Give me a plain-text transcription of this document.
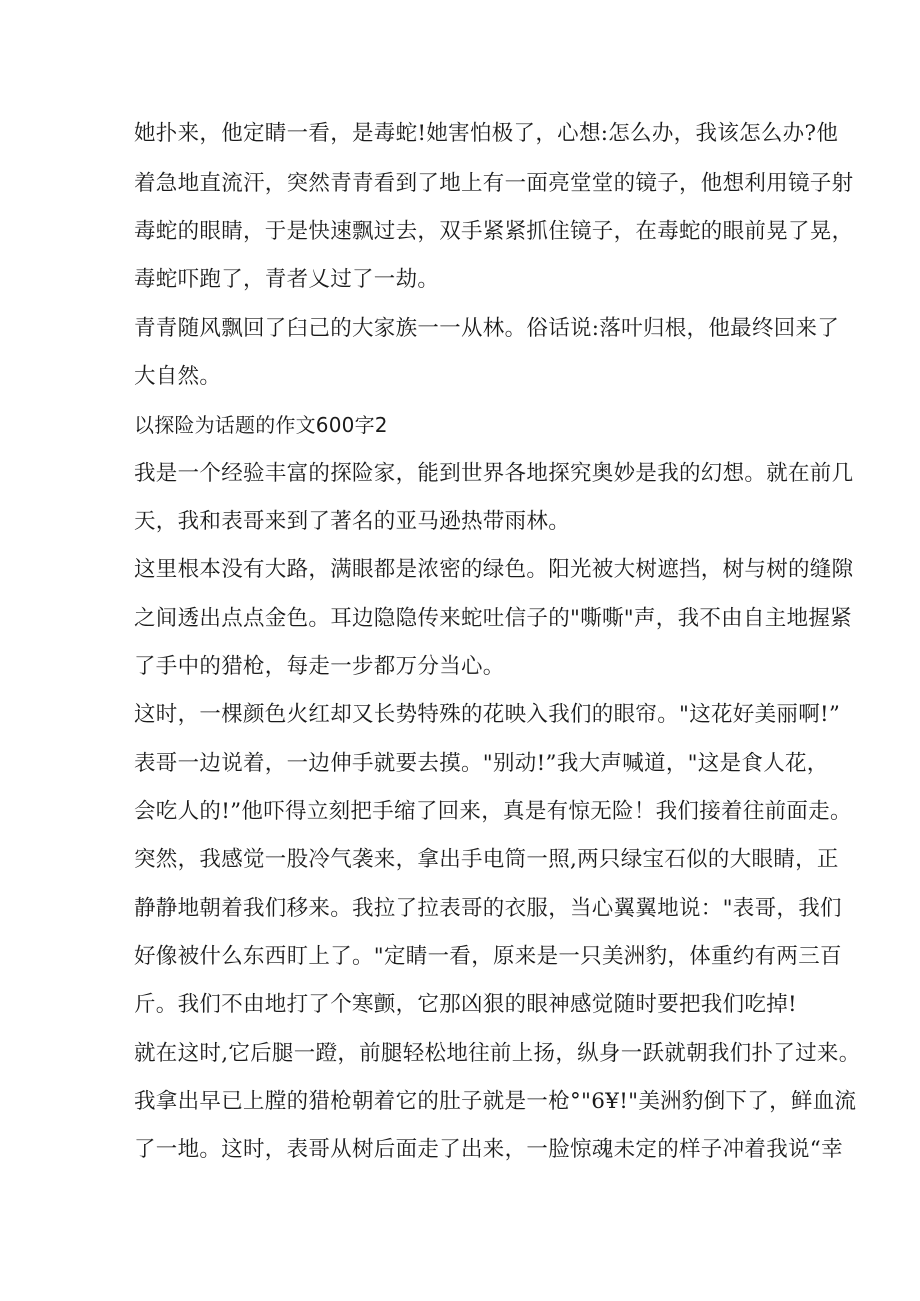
她扑来，他定睛一看，是毒蛇!她害怕极了，心想:怎么办，我该怎么办?他
着急地直流汗，突然青青看到了地上有一面亮堂堂的镜子，他想利用镜子射
毒蛇的眼睛，于是快速飘过去，双手紧紧抓住镜子，在毒蛇的眼前晃了晃，
毒蛇吓跑了，青者乂过了一劫。
青青随风飘回了臼己的大家族一一从林。俗话说:落叶归根，他最终回来了
大自然。
以探险为话题的作文600字2
我是一个经验丰富的探险家，能到世界各地探究奥妙是我的幻想。就在前几
天，我和表哥来到了著名的亚马逊热带雨林。
这里根本没有大路，满眼都是浓密的绿色。阳光被大树遮挡，树与树的缝隙
之间透出点点金色。耳边隐隐传来蛇吐信子的"嘶嘶"声，我不由自主地握紧
了手中的猎枪，每走一步都万分当心。
这时，一棵颜色火红却又长势特殊的花映入我们的眼帘。"这花好美丽啊!”
表哥一边说着，一边伸手就要去摸。"别动!”我大声喊道，"这是食人花，
会吃人的!”他吓得立刻把手缩了回来，真是有惊无险！我们接着往前面走。
突然，我感觉一股冷气袭来，拿出手电筒一照,两只绿宝石似的大眼睛，正
静静地朝着我们移来。我拉了拉表哥的衣服，当心翼翼地说："表哥，我们
好像被什么东西盯上了。"定睛一看，原来是一只美洲豹，体重约有两三百
斤。我们不由地打了个寒颤，它那凶狠的眼神感觉随时要把我们吃掉!
就在这时,它后腿一蹬，前腿轻松地往前上扬，纵身一跃就朝我们扑了过来。
我拿出早已上膛的猎枪朝着它的肚子就是一枪°"6¥!"美洲豹倒下了，鲜血流
了一地。这时，表哥从树后面走了出来，一脸惊魂未定的样子冲着我说“幸
